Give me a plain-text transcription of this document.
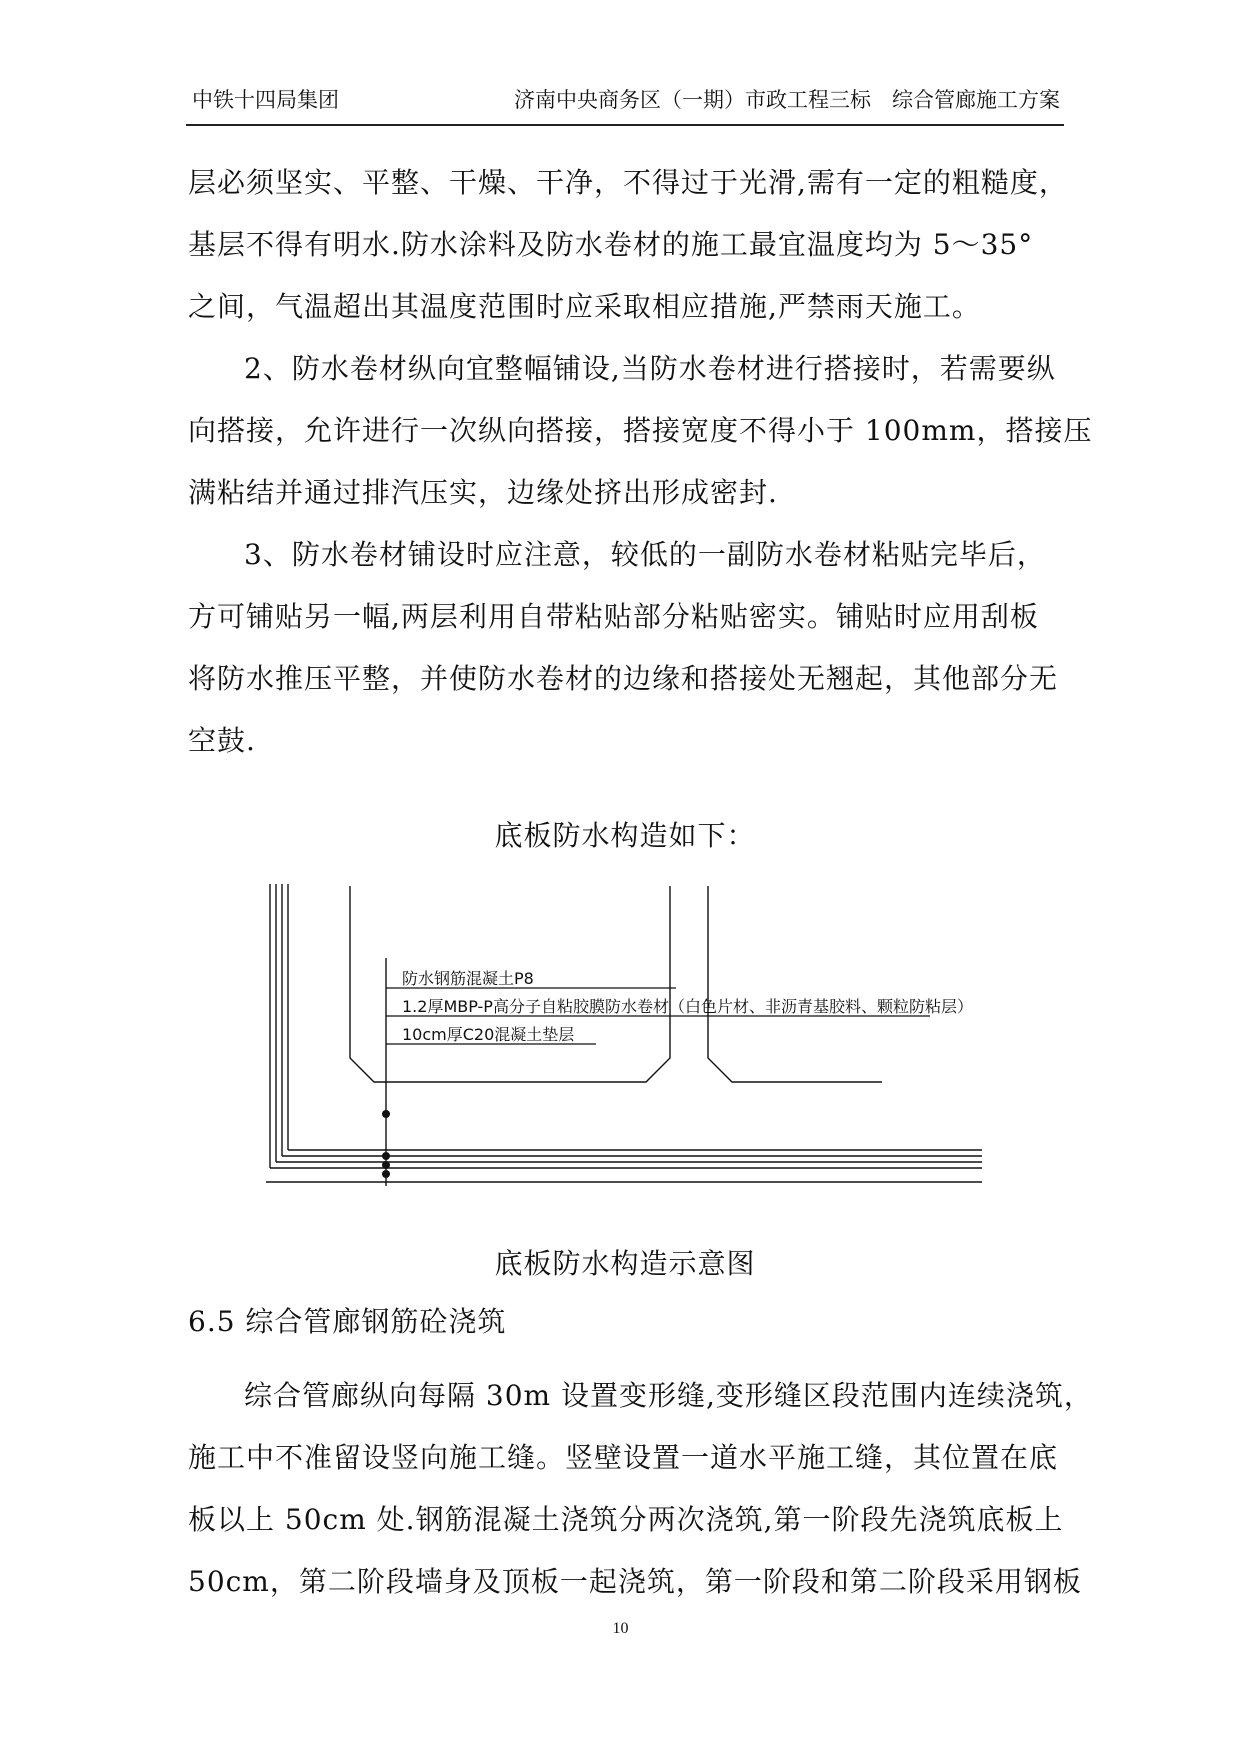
中铁十四局集团	济南中央商务区（一期）市政工程三标　综合管廊施工方案
层必须坚实、平整、干燥、干净，不得过于光滑,需有一定的粗糙度，
基层不得有明水.防水涂料及防水卷材的施工最宜温度均为 5～35°
之间，气温超出其温度范围时应采取相应措施,严禁雨天施工。
2、防水卷材纵向宜整幅铺设,当防水卷材进行搭接时，若需要纵
向搭接，允许进行一次纵向搭接，搭接宽度不得小于 100mm，搭接压
满粘结并通过排汽压实，边缘处挤出形成密封.
3、防水卷材铺设时应注意，较低的一副防水卷材粘贴完毕后，
方可铺贴另一幅,两层利用自带粘贴部分粘贴密实。铺贴时应用刮板
将防水推压平整，并使防水卷材的边缘和搭接处无翘起，其他部分无
空鼓.
底板防水构造如下：
防水钢筋混凝土P8
1.2厚MBP-P高分子自粘胶膜防水卷材（白色片材、非沥青基胶料、颗粒防粘层）
10cm厚C20混凝土垫层
底板防水构造示意图
6.5 综合管廊钢筋砼浇筑
综合管廊纵向每隔 30m 设置变形缝,变形缝区段范围内连续浇筑，
施工中不准留设竖向施工缝。竖壁设置一道水平施工缝，其位置在底
板以上 50cm 处.钢筋混凝土浇筑分两次浇筑,第一阶段先浇筑底板上
50cm，第二阶段墙身及顶板一起浇筑，第一阶段和第二阶段采用钢板
10
